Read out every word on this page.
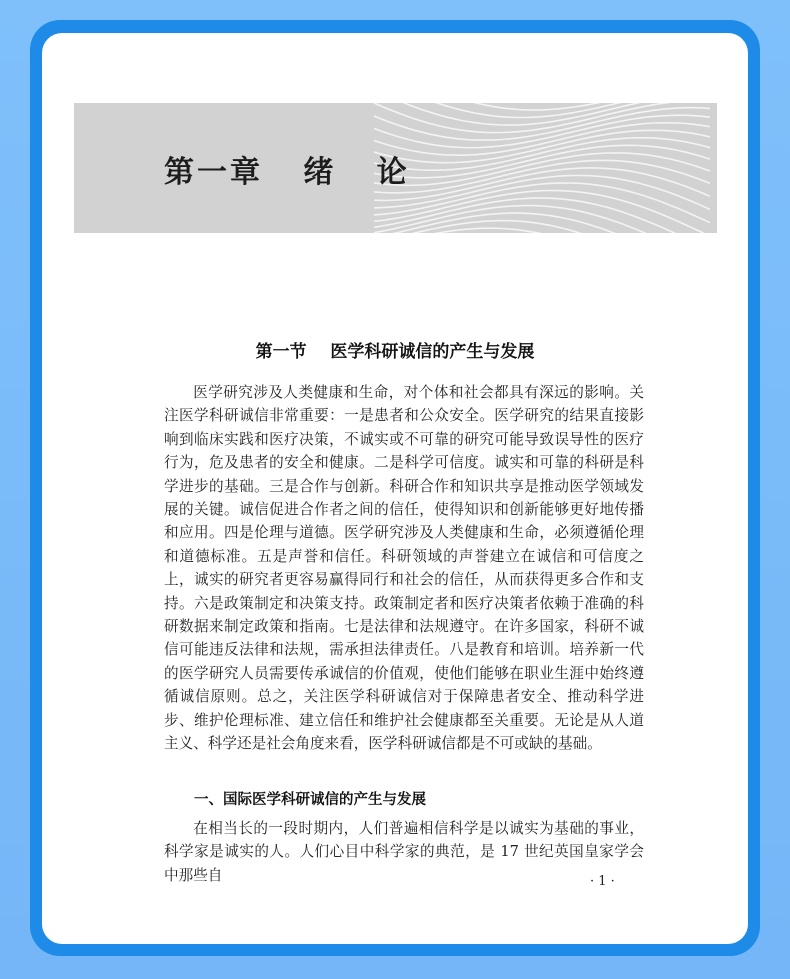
第一章   绪   论
第一节    医学科研诚信的产生与发展

医学研究涉及人类健康和生命，对个体和社会都具有深远的影响。关注医学科研诚信非常重要：一是患者和公众安全。医学研究的结果直接影响到临床实践和医疗决策，不诚实或不可靠的研究可能导致误导性的医疗行为，危及患者的安全和健康。二是科学可信度。诚实和可靠的科研是科学进步的基础。三是合作与创新。科研合作和知识共享是推动医学领域发展的关键。诚信促进合作者之间的信任，使得知识和创新能够更好地传播和应用。四是伦理与道德。医学研究涉及人类健康和生命，必须遵循伦理和道德标准。五是声誉和信任。科研领域的声誉建立在诚信和可信度之上，诚实的研究者更容易赢得同行和社会的信任，从而获得更多合作和支持。六是政策制定和决策支持。政策制定者和医疗决策者依赖于准确的科研数据来制定政策和指南。七是法律和法规遵守。在许多国家，科研不诚信可能违反法律和法规，需承担法律责任。八是教育和培训。培养新一代的医学研究人员需要传承诚信的价值观，使他们能够在职业生涯中始终遵循诚信原则。总之，关注医学科研诚信对于保障患者安全、推动科学进步、维护伦理标准、建立信任和维护社会健康都至关重要。无论是从人道主义、科学还是社会角度来看，医学科研诚信都是不可或缺的基础。

一、国际医学科研诚信的产生与发展

在相当长的一段时期内，人们普遍相信科学是以诚实为基础的事业，科学家是诚实的人。人们心目中科学家的典范，是 17 世纪英国皇家学会中那些自	· 1 ·
